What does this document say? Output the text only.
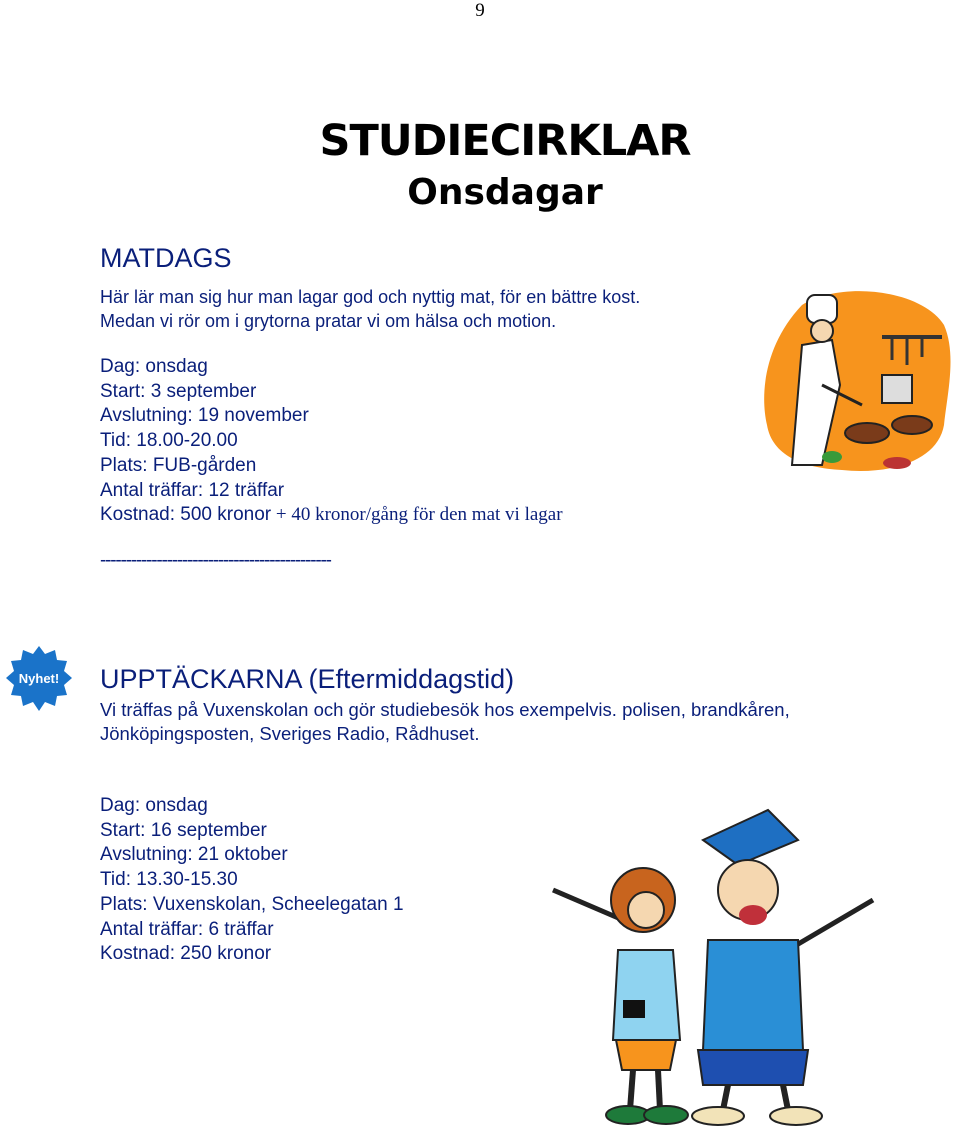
9
STUDIECIRKLAR
Onsdagar
MATDAGS
Här lär man sig hur man lagar god och nyttig mat, för en bättre kost.
Medan vi rör om i grytorna pratar vi om hälsa och motion.
Dag: onsdag
Start: 3 september
Avslutning: 19 november
Tid: 18.00-20.00
Plats: FUB-gården
Antal träffar: 12 träffar
Kostnad: 500 kronor + 40 kronor/gång för den mat vi lagar
---------------------------------------------
Nyhet! UPPTÄCKARNA (Eftermiddagstid)
Vi träffas på Vuxenskolan och gör studiebesök hos exempelvis. polisen, brandkåren,
Jönköpingsposten, Sveriges Radio, Rådhuset.
Dag: onsdag
Start: 16 september
Avslutning: 21 oktober
Tid: 13.30-15.30
Plats: Vuxenskolan, Scheelegatan 1
Antal träffar: 6 träffar
Kostnad: 250 kronor
